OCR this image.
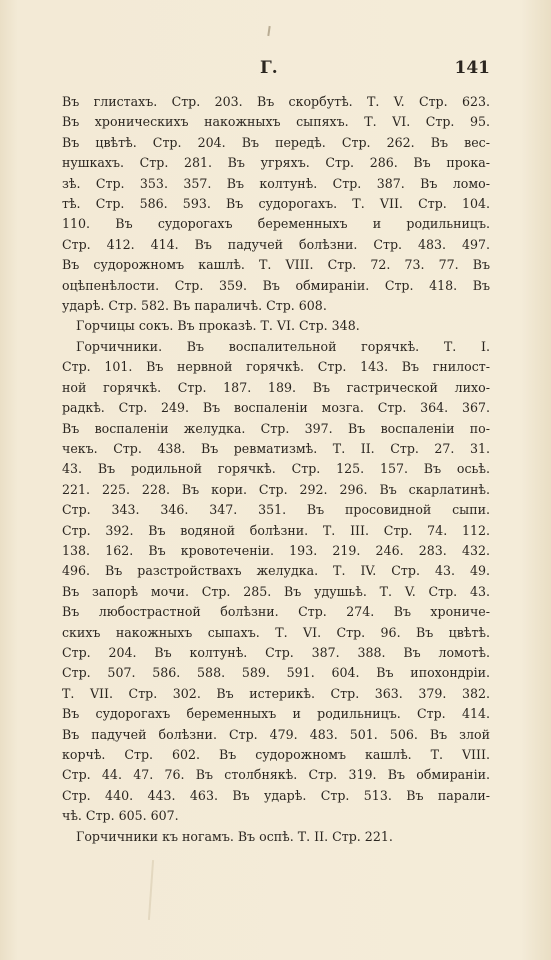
Г.	141
Въ глистахъ. Стр. 203. Въ скорбутѣ. Т. V. Стр. 623.
Въ хроническихъ накожныхъ сыпяхъ. Т. VI. Стр. 95.
Въ цвѣтѣ. Стр. 204. Въ передѣ. Стр. 262. Въ вес-
нушкахъ. Стр. 281. Въ угряхъ. Стр. 286. Въ прока-
зѣ. Стр. 353. 357. Въ колтунѣ. Стр. 387. Въ ломо-
тѣ. Стр. 586. 593. Въ судорогахъ. Т. VII. Стр. 104.
110. Въ судорогахъ беременныхъ и родильницъ.
Стр. 412. 414. Въ падучей болѣзни. Стр. 483. 497.
Въ судорожномъ кашлѣ. Т. VIII. Стр. 72. 73. 77. Въ
оцѣпенѣлости. Стр. 359. Въ обмираніи. Стр. 418. Въ
ударѣ. Стр. 582. Въ параличѣ. Стр. 608.
Горчицы сокъ. Въ проказѣ. Т. VI. Стр. 348.
Горчичники. Въ воспалительной горячкѣ. Т. I.
Стр. 101. Въ нервной горячкѣ. Стр. 143. Въ гнилост-
ной горячкѣ. Стр. 187. 189. Въ гастрической лихо-
радкѣ. Стр. 249. Въ воспаленіи мозга. Стр. 364. 367.
Въ воспаленіи желудка. Стр. 397. Въ воспаленіи по-
чекъ. Стр. 438. Въ ревматизмѣ. Т. II. Стр. 27. 31.
43. Въ родильной горячкѣ. Стр. 125. 157. Въ осьѣ.
221. 225. 228. Въ кори. Стр. 292. 296. Въ скарлатинѣ.
Стр. 343. 346. 347. 351. Въ просовидной сыпи.
Стр. 392. Въ водяной болѣзни. Т. III. Стр. 74. 112.
138. 162. Въ кровотеченіи. 193. 219. 246. 283. 432.
496. Въ разстройствахъ желудка. Т. IV. Стр. 43. 49.
Въ запорѣ мочи. Стр. 285. Въ удушьѣ. Т. V. Стр. 43.
Въ любострастной болѣзни. Стр. 274. Въ хрониче-
скихъ накожныхъ сыпахъ. Т. VI. Стр. 96. Въ цвѣтѣ.
Стр. 204. Въ колтунѣ. Стр. 387. 388. Въ ломотѣ.
Стр. 507. 586. 588. 589. 591. 604. Въ ипохондріи.
Т. VII. Стр. 302. Въ истерикѣ. Стр. 363. 379. 382.
Въ судорогахъ беременныхъ и родильницъ. Стр. 414.
Въ падучей болѣзни. Стр. 479. 483. 501. 506. Въ злой
корчѣ. Стр. 602. Въ судорожномъ кашлѣ. Т. VIII.
Стр. 44. 47. 76. Въ столбнякѣ. Стр. 319. Въ обмираніи.
Стр. 440. 443. 463. Въ ударѣ. Стр. 513. Въ парали-
чѣ. Стр. 605. 607.
Горчичники къ ногамъ. Въ оспѣ. Т. II. Стр. 221.
